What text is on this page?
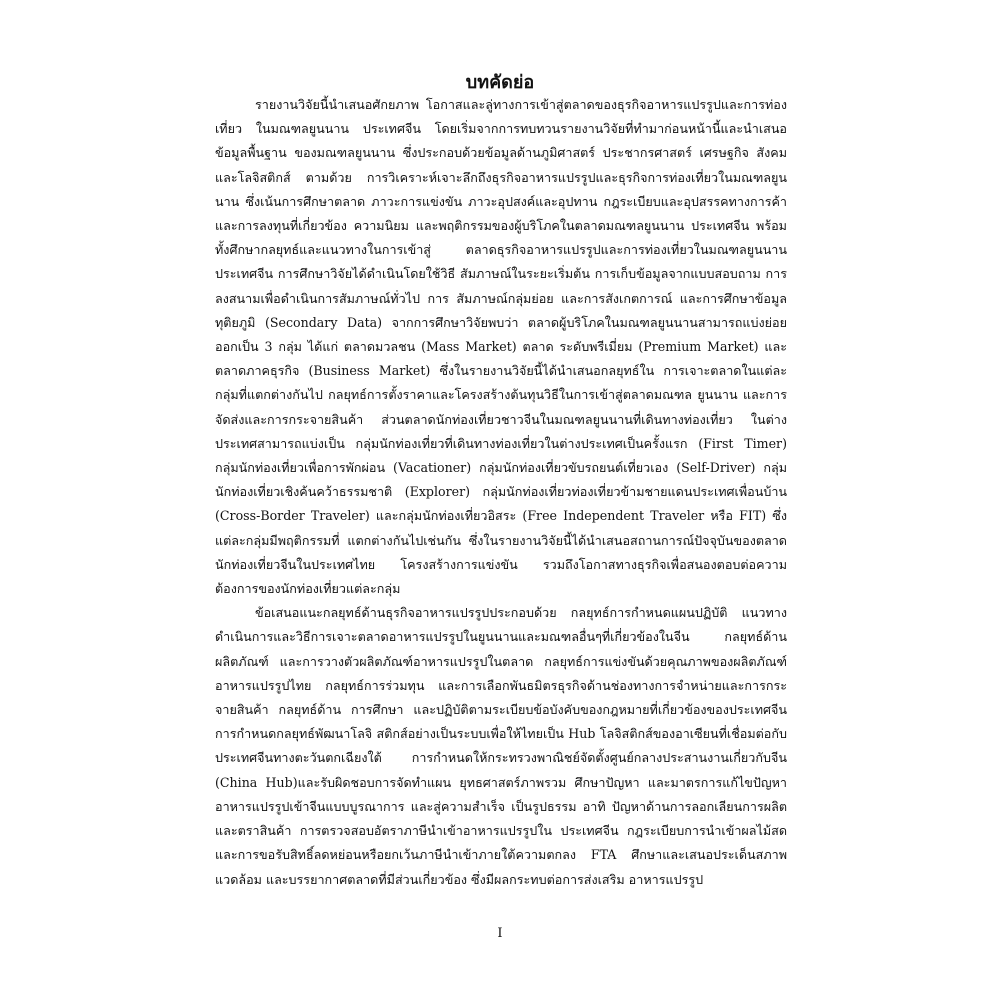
บทคัดย่อ

รายงานวิจัยนี้นำเสนอศักยภาพ โอกาสและลู่ทางการเข้าสู่ตลาดของธุรกิจอาหารแปรรูปและการท่องเที่ยว ในมณฑลยูนนาน ประเทศจีน โดยเริ่มจากการทบทวนรายงานวิจัยที่ทำมาก่อนหน้านี้และนำเสนอข้อมูลพื้นฐาน ของมณฑลยูนนาน ซึ่งประกอบด้วยข้อมูลด้านภูมิศาสตร์ ประชากรศาสตร์ เศรษฐกิจ สังคมและโลจิสติกส์ ตามด้วย การวิเคราะห์เจาะลึกถึงธุรกิจอาหารแปรรูปและธุรกิจการท่องเที่ยวในมณฑลยูนนาน ซึ่งเน้นการศึกษาตลาด ภาวะการแข่งขัน ภาวะอุปสงค์และอุปทาน กฎระเบียบและอุปสรรคทางการค้าและการลงทุนที่เกี่ยวข้อง ความนิยม และพฤติกรรมของผู้บริโภคในตลาดมณฑลยูนนาน ประเทศจีน พร้อมทั้งศึกษากลยุทธ์และแนวทางในการเข้าสู่ ตลาดธุรกิจอาหารแปรรูปและการท่องเที่ยวในมณฑลยูนนาน ประเทศจีน การศึกษาวิจัยได้ดำเนินโดยใช้วิธี สัมภาษณ์ในระยะเริ่มต้น การเก็บข้อมูลจากแบบสอบถาม การลงสนามเพื่อดำเนินการสัมภาษณ์ทั่วไป การ สัมภาษณ์กลุ่มย่อย และการสังเกตการณ์ และการศึกษาข้อมูลทุติยภูมิ (Secondary Data) จากการศึกษาวิจัยพบว่า ตลาดผู้บริโภคในมณฑลยูนนานสามารถแบ่งย่อยออกเป็น 3 กลุ่ม ได้แก่ ตลาดมวลชน (Mass Market) ตลาด ระดับพรีเมี่ยม (Premium Market) และตลาดภาคธุรกิจ (Business Market) ซึ่งในรายงานวิจัยนี้ได้นำเสนอกลยุทธ์ใน การเจาะตลาดในแต่ละกลุ่มที่แตกต่างกันไป กลยุทธ์การตั้งราคาและโครงสร้างต้นทุนวิธีในการเข้าสู่ตลาดมณฑล ยูนนาน และการจัดส่งและการกระจายสินค้า ส่วนตลาดนักท่องเที่ยวชาวจีนในมณฑลยูนนานที่เดินทางท่องเที่ยว ในต่างประเทศสามารถแบ่งเป็น กลุ่มนักท่องเที่ยวที่เดินทางท่องเที่ยวในต่างประเทศเป็นครั้งแรก (First Timer) กลุ่มนักท่องเที่ยวเพื่อการพักผ่อน (Vacationer) กลุ่มนักท่องเที่ยวขับรถยนต์เที่ยวเอง (Self-Driver) กลุ่ม นักท่องเที่ยวเชิงค้นคว้าธรรมชาติ (Explorer) กลุ่มนักท่องเที่ยวท่องเที่ยวข้ามชายแดนประเทศเพื่อนบ้าน (Cross-Border Traveler) และกลุ่มนักท่องเที่ยวอิสระ (Free Independent Traveler หรือ FIT) ซึ่งแต่ละกลุ่มมีพฤติกรรมที่ แตกต่างกันไปเช่นกัน ซึ่งในรายงานวิจัยนี้ได้นำเสนอสถานการณ์ปัจจุบันของตลาดนักท่องเที่ยวจีนในประเทศไทย โครงสร้างการแข่งขัน รวมถึงโอกาสทางธุรกิจเพื่อสนองตอบต่อความต้องการของนักท่องเที่ยวแต่ละกลุ่ม

ข้อเสนอแนะกลยุทธ์ด้านธุรกิจอาหารแปรรูปประกอบด้วย กลยุทธ์การกำหนดแผนปฏิบัติ แนวทาง ดำเนินการและวิธีการเจาะตลาดอาหารแปรรูปในยูนนานและมณฑลอื่นๆที่เกี่ยวข้องในจีน กลยุทธ์ด้านผลิตภัณฑ์ และการวางตัวผลิตภัณฑ์อาหารแปรรูปในตลาด กลยุทธ์การแข่งขันด้วยคุณภาพของผลิตภัณฑ์อาหารแปรรูปไทย กลยุทธ์การร่วมทุน และการเลือกพันธมิตรธุรกิจด้านช่องทางการจำหน่ายและการกระจายสินค้า กลยุทธ์ด้าน การศึกษา และปฏิบัติตามระเบียบข้อบังคับของกฎหมายที่เกี่ยวข้องของประเทศจีน การกำหนดกลยุทธ์พัฒนาโลจิ สติกส์อย่างเป็นระบบเพื่อให้ไทยเป็น Hub โลจิสติกส์ของอาเซียนที่เชื่อมต่อกับประเทศจีนทางตะวันตกเฉียงใต้ การกำหนดให้กระทรวงพาณิชย์จัดตั้งศูนย์กลางประสานงานเกี่ยวกับจีน (China Hub)และรับผิดชอบการจัดทำแผน ยุทธศาสตร์ภาพรวม ศึกษาปัญหา และมาตรการแก้ไขปัญหาอาหารแปรรูปเข้าจีนแบบบูรณาการ และสู่ความสำเร็จ เป็นรูปธรรม อาทิ ปัญหาด้านการลอกเลียนการผลิต และตราสินค้า การตรวจสอบอัตราภาษีนำเข้าอาหารแปรรูปใน ประเทศจีน กฎระเบียบการนำเข้าผลไม้สด และการขอรับสิทธิ์ลดหย่อนหรือยกเว้นภาษีนำเข้าภายใต้ความตกลง FTA ศึกษาและเสนอประเด็นสภาพแวดล้อม และบรรยากาศตลาดที่มีส่วนเกี่ยวข้อง ซึ่งมีผลกระทบต่อการส่งเสริม อาหารแปรรูป

I
